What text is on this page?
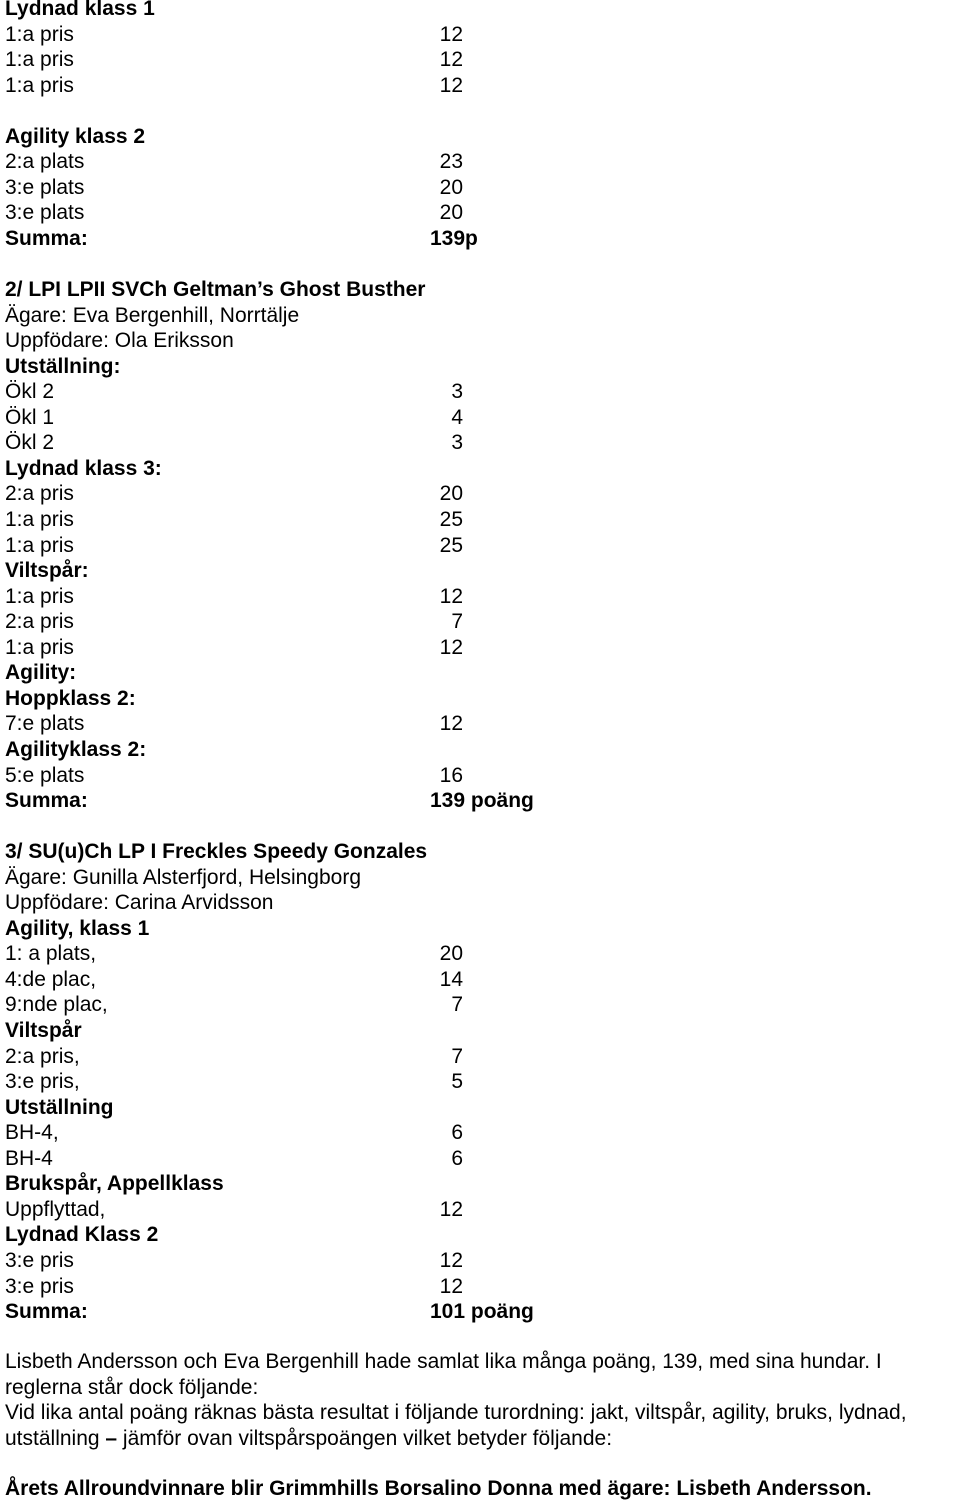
Lydnad klass 1
1:a pris	12
1:a pris	12
1:a pris	12
Agility klass 2
2:a plats	23
3:e plats	20
3:e plats	20
Summa:	139p
2/ LPI LPII SVCh Geltman’s Ghost Busther
Ägare: Eva Bergenhill, Norrtälje
Uppfödare: Ola Eriksson
Utställning:
Ökl 2	3
Ökl 1	4
Ökl 2	3
Lydnad klass 3:
2:a pris	20
1:a pris	25
1:a pris	25
Viltspår:
1:a pris	12
2:a pris	7
1:a pris	12
Agility:
Hoppklass 2:
7:e plats	12
Agilityklass 2:
5:e plats	16
Summa:	139 poäng
3/ SU(u)Ch LP I Freckles Speedy Gonzales
Ägare: Gunilla Alsterfjord, Helsingborg
Uppfödare: Carina Arvidsson
Agility, klass 1
1: a plats,	20
4:de plac,	14
9:nde plac,	7
Viltspår
2:a pris,	7
3:e pris,	5
Utställning
BH-4,	6
BH-4	6
Brukspår, Appellklass
Uppflyttad,	12
Lydnad Klass 2
3:e pris	12
3:e pris	12
Summa:	101 poäng
Lisbeth Andersson och Eva Bergenhill hade samlat lika många poäng, 139, med sina hundar. I
reglerna står dock följande:
Vid lika antal poäng räknas bästa resultat i följande turordning: jakt, viltspår, agility, bruks, lydnad,
utställning – jämför ovan viltspårspoängen vilket betyder följande:
Årets Allroundvinnare blir Grimmhills Borsalino Donna med ägare: Lisbeth Andersson.
